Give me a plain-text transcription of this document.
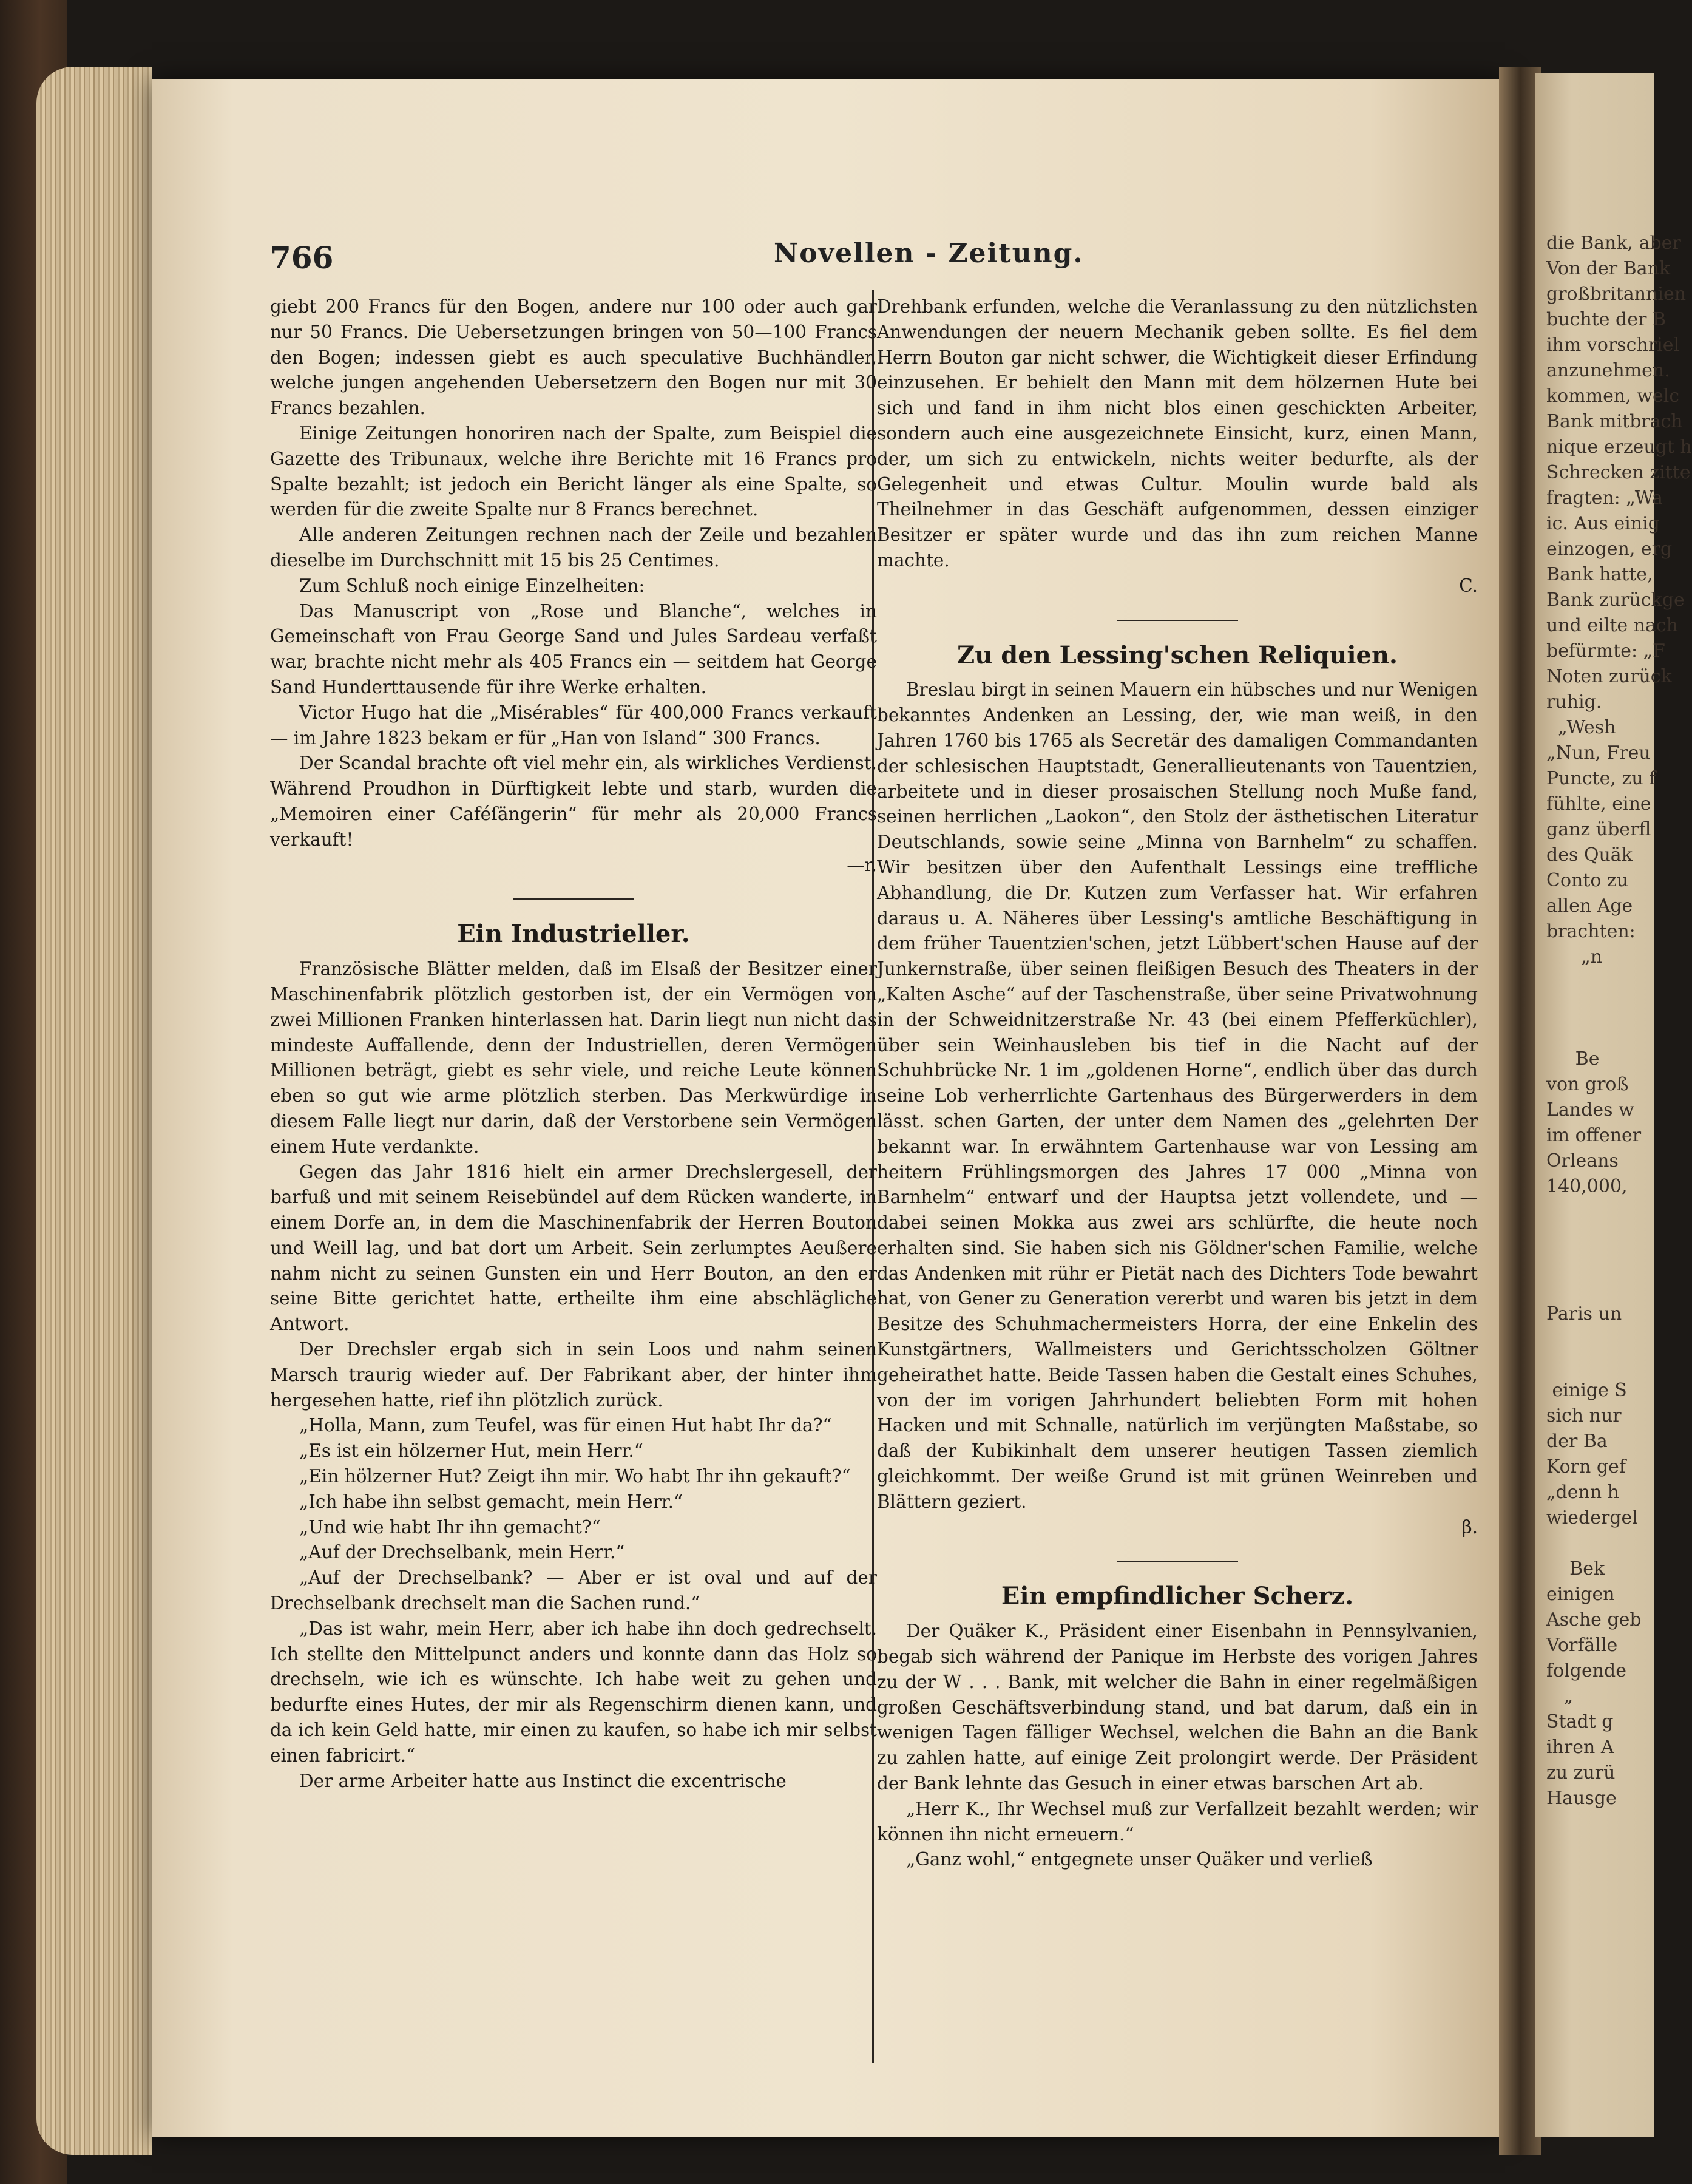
766	Novellen - Zeitung.

giebt 200 Francs für den Bogen, andere nur 100 oder auch gar nur 50 Francs. Die Uebersetzungen bringen von 50—100 Francs den Bogen; indessen giebt es auch speculative Buchhändler, welche jungen angehenden Uebersetzern den Bogen nur mit 30 Francs bezahlen.

Einige Zeitungen honoriren nach der Spalte, zum Beispiel die Gazette des Tribunaux, welche ihre Berichte mit 16 Francs pro Spalte bezahlt; ist jedoch ein Bericht länger als eine Spalte, so werden für die zweite Spalte nur 8 Francs berechnet.

Alle anderen Zeitungen rechnen nach der Zeile und bezahlen dieselbe im Durchschnitt mit 15 bis 25 Centimes.

Zum Schluß noch einige Einzelheiten:

Das Manuscript von „Rose und Blanche“, welches in Gemeinschaft von Frau George Sand und Jules Sardeau verfaßt war, brachte nicht mehr als 405 Francs ein — seitdem hat George Sand Hunderttausende für ihre Werke erhalten.

Victor Hugo hat die „Misérables“ für 400,000 Francs verkauft — im Jahre 1823 bekam er für „Han von Island“ 300 Francs.

Der Scandal brachte oft viel mehr ein, als wirkliches Verdienst. Während Proudhon in Dürftigkeit lebte und starb, wurden die „Memoiren einer Caféſängerin“ für mehr als 20,000 Francs verkauft!

—r.
Ein Industrieller.

Französische Blätter melden, daß im Elsaß der Besitzer einer Maschinenfabrik plötzlich gestorben ist, der ein Vermögen von zwei Millionen Franken hinterlassen hat. Darin liegt nun nicht das mindeste Auffallende, denn der Industriellen, deren Vermögen Millionen beträgt, giebt es sehr viele, und reiche Leute können eben so gut wie arme plötzlich sterben. Das Merkwürdige in diesem Falle liegt nur darin, daß der Verstorbene sein Vermögen einem Hute verdankte.

Gegen das Jahr 1816 hielt ein armer Drechslergesell, der barfuß und mit seinem Reisebündel auf dem Rücken wanderte, in einem Dorfe an, in dem die Maschinenfabrik der Herren Bouton und Weill lag, und bat dort um Arbeit. Sein zerlumptes Aeußere nahm nicht zu seinen Gunsten ein und Herr Bouton, an den er seine Bitte gerichtet hatte, ertheilte ihm eine abschlägliche Antwort.

Der Drechsler ergab sich in sein Loos und nahm seinen Marsch traurig wieder auf. Der Fabrikant aber, der hinter ihm hergesehen hatte, rief ihn plötzlich zurück.

„Holla, Mann, zum Teufel, was für einen Hut habt Ihr da?“

„Es ist ein hölzerner Hut, mein Herr.“

„Ein hölzerner Hut? Zeigt ihn mir. Wo habt Ihr ihn gekauft?“

„Ich habe ihn selbst gemacht, mein Herr.“

„Und wie habt Ihr ihn gemacht?“

„Auf der Drechselbank, mein Herr.“

„Auf der Drechselbank? — Aber er ist oval und auf der Drechselbank drechselt man die Sachen rund.“

„Das ist wahr, mein Herr, aber ich habe ihn doch gedrechselt. Ich stellte den Mittelpunct anders und konnte dann das Holz so drechseln, wie ich es wünschte. Ich habe weit zu gehen und bedurfte eines Hutes, der mir als Regenschirm dienen kann, und da ich kein Geld hatte, mir einen zu kaufen, so habe ich mir selbst einen fabricirt.“

Der arme Arbeiter hatte aus Instinct die excentrische

Drehbank erfunden, welche die Veranlassung zu den nützlichsten Anwendungen der neuern Mechanik geben sollte. Es fiel dem Herrn Bouton gar nicht schwer, die Wichtigkeit dieser Erfindung einzusehen. Er behielt den Mann mit dem hölzernen Hute bei sich und fand in ihm nicht blos einen geschickten Arbeiter, sondern auch eine ausgezeichnete Einsicht, kurz, einen Mann, der, um sich zu entwickeln, nichts weiter bedurfte, als der Gelegenheit und etwas Cultur. Moulin wurde bald als Theilnehmer in das Geschäft aufgenommen, dessen einziger Besitzer er später wurde und das ihn zum reichen Manne machte.

C.
Zu den Lessing'schen Reliquien.

Breslau birgt in seinen Mauern ein hübsches und nur Wenigen bekanntes Andenken an Lessing, der, wie man weiß, in den Jahren 1760 bis 1765 als Secretär des damaligen Commandanten der schlesischen Hauptstadt, Generallieutenants von Tauentzien, arbeitete und in dieser prosaischen Stellung noch Muße fand, seinen herrlichen „Laokon“, den Stolz der ästhetischen Literatur Deutschlands, sowie seine „Minna von Barnhelm“ zu schaffen. Wir besitzen über den Aufenthalt Lessings eine treffliche Abhandlung, die Dr. Kutzen zum Verfasser hat. Wir erfahren daraus u. A. Näheres über Lessing's amtliche Beschäftigung in dem früher Tauentzien'schen, jetzt Lübbert'schen Hause auf der Junkernstraße, über seinen fleißigen Besuch des Theaters in der „Kalten Asche“ auf der Taschenstraße, über seine Privatwohnung in der Schweidnitzerstraße Nr. 43 (bei einem Pfefferküchler), über sein Weinhausleben bis tief in die Nacht auf der Schuhbrücke Nr. 1 im „goldenen Horne“, endlich über das durch seine Lob verherrlichte Gartenhaus des Bürgerwerders in dem lässt. schen Garten, der unter dem Namen des „gelehrten Der bekannt war. In erwähntem Gartenhause war von Lessing am heitern Frühlingsmorgen des Jahres 17 000 „Minna von Barnhelm“ entwarf und der Hauptsa jetzt vollendete, und — dabei seinen Mokka aus zwei ars schlürfte, die heute noch erhalten sind. Sie haben sich nis Göldner'schen Familie, welche das Andenken mit rühr er Pietät nach des Dichters Tode bewahrt hat, von Gener zu Generation vererbt und waren bis jetzt in dem Besitze des Schuhmachermeisters Horra, der eine Enkelin des Kunstgärtners, Wallmeisters und Gerichtsscholzen Göltner geheirathet hatte. Beide Tassen haben die Gestalt eines Schuhes, von der im vorigen Jahrhundert beliebten Form mit hohen Hacken und mit Schnalle, natürlich im verjüngten Maßstabe, so daß der Kubikinhalt dem unserer heutigen Tassen ziemlich gleichkommt. Der weiße Grund ist mit grünen Weinreben und Blättern geziert.

β.
Ein empfindlicher Scherz.

Der Quäker K., Präsident einer Eisenbahn in Pennsylvanien, begab sich während der Panique im Herbste des vorigen Jahres zu der W . . . Bank, mit welcher die Bahn in einer regelmäßigen großen Geschäftsverbindung stand, und bat darum, daß ein in wenigen Tagen fälliger Wechsel, welchen die Bahn an die Bank zu zahlen hatte, auf einige Zeit prolongirt werde. Der Präsident der Bank lehnte das Gesuch in einer etwas barschen Art ab.

„Herr K., Ihr Wechsel muß zur Verfallzeit bezahlt werden; wir können ihn nicht erneuern.“

„Ganz wohl,“ entgegnete unser Quäker und verließ

die Bank, aber
Von der Bank
großbritannien
buchte der B
ihm vorschriel
anzunehmen.
kommen, welc
Bank mitbrach
nique erzeugt h
Schrecken zitte
fragten: „Wa
ic. Aus einig
einzogen, erg
Bank hatte,
Bank zurückge
und eilte nach
befürmte: „F
Noten zurück
ruhig.
„Wesh
„Nun, Freu
Puncte, zu f
fühlte, eine
ganz überfl
des Quäk
Conto zu
allen Age
brachten:
„n

Be
von groß
Landes w
im offener
Orleans
140,000,

Paris un

einige S
sich nur
der Ba
Korn gef
„denn h
wiedergel

Bek
einigen
Asche geb
Vorfälle
folgende
„
Stadt g
ihren A
zu zurü
Hausge
